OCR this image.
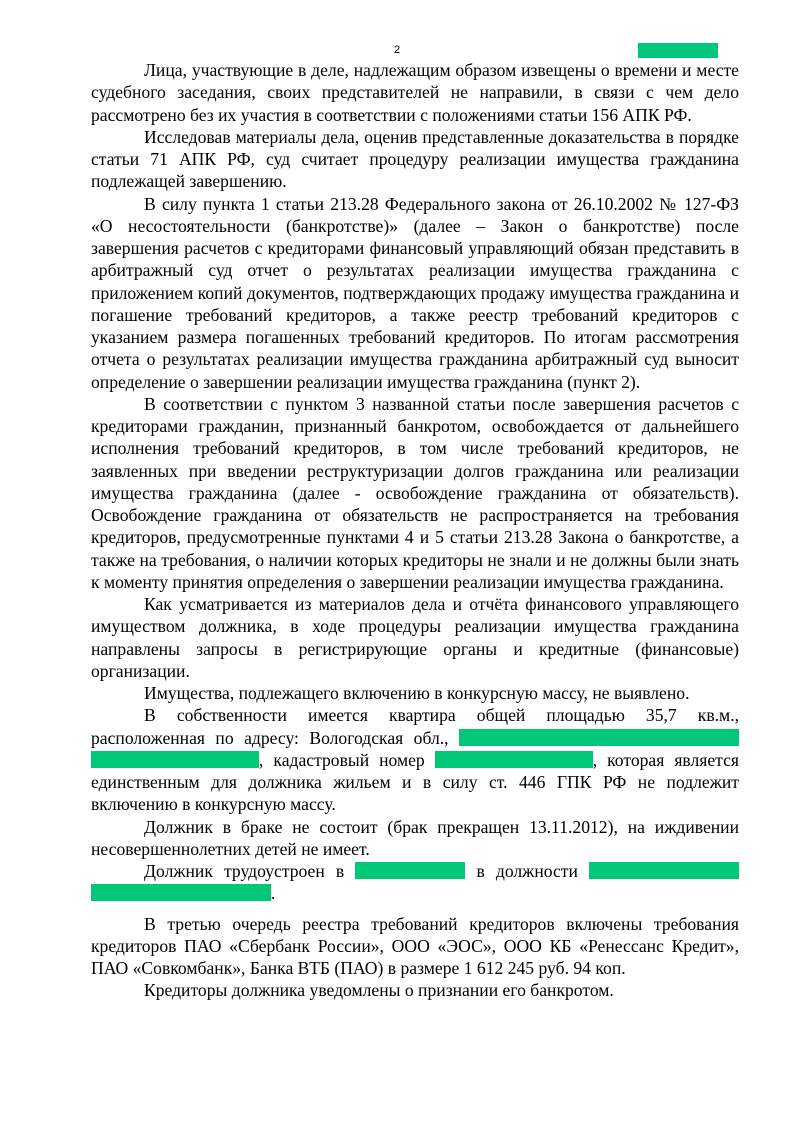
2

Лица, участвующие в деле, надлежащим образом извещены о времени и месте судебного заседания, своих представителей не направили, в связи с чем дело рассмотрено без их участия в соответствии с положениями статьи 156 АПК РФ.

Исследовав материалы дела, оценив представленные доказательства в порядке статьи 71 АПК РФ, суд считает процедуру реализации имущества гражданина подлежащей завершению.

В силу пункта 1 статьи 213.28 Федерального закона от 26.10.2002 № 127-ФЗ «О несостоятельности (банкротстве)» (далее – Закон о банкротстве) после завершения расчетов с кредиторами финансовый управляющий обязан представить в арбитражный суд отчет о результатах реализации имущества гражданина с приложением копий документов, подтверждающих продажу имущества гражданина и погашение требований кредиторов, а также реестр требований кредиторов с указанием размера погашенных требований кредиторов. По итогам рассмотрения отчета о результатах реализации имущества гражданина арбитражный суд выносит определение о завершении реализации имущества гражданина (пункт 2).

В соответствии с пунктом 3 названной статьи после завершения расчетов с кредиторами гражданин, признанный банкротом, освобождается от дальнейшего исполнения требований кредиторов, в том числе требований кредиторов, не заявленных при введении реструктуризации долгов гражданина или реализации имущества гражданина (далее - освобождение гражданина от обязательств). Освобождение гражданина от обязательств не распространяется на требования кредиторов, предусмотренные пунктами 4 и 5 статьи 213.28 Закона о банкротстве, а также на требования, о наличии которых кредиторы не знали и не должны были знать к моменту принятия определения о завершении реализации имущества гражданина.

Как усматривается из материалов дела и отчёта финансового управляющего имуществом должника, в ходе процедуры реализации имущества гражданина направлены запросы в регистрирующие органы и кредитные (финансовые) организации.

Имущества, подлежащего включению в конкурсную массу, не выявлено.

В собственности имеется квартира общей площадью 35,7 кв.м., расположенная по адресу: Вологодская обл.,  , кадастровый номер	, которая является единственным для должника жильем и в силу ст. 446 ГПК РФ не подлежит включению в конкурсную массу.

Должник в браке не состоит (брак прекращен 13.11.2012), на иждивении несовершеннолетних детей не имеет.

Должник трудоустроен в	в должности  .

В третью очередь реестра требований кредиторов включены требования кредиторов ПАО «Сбербанк России», ООО «ЭОС», ООО КБ «Ренессанс Кредит», ПАО «Совкомбанк», Банка ВТБ (ПАО) в размере 1 612 245 руб. 94 коп.

Кредиторы должника уведомлены о признании его банкротом.
